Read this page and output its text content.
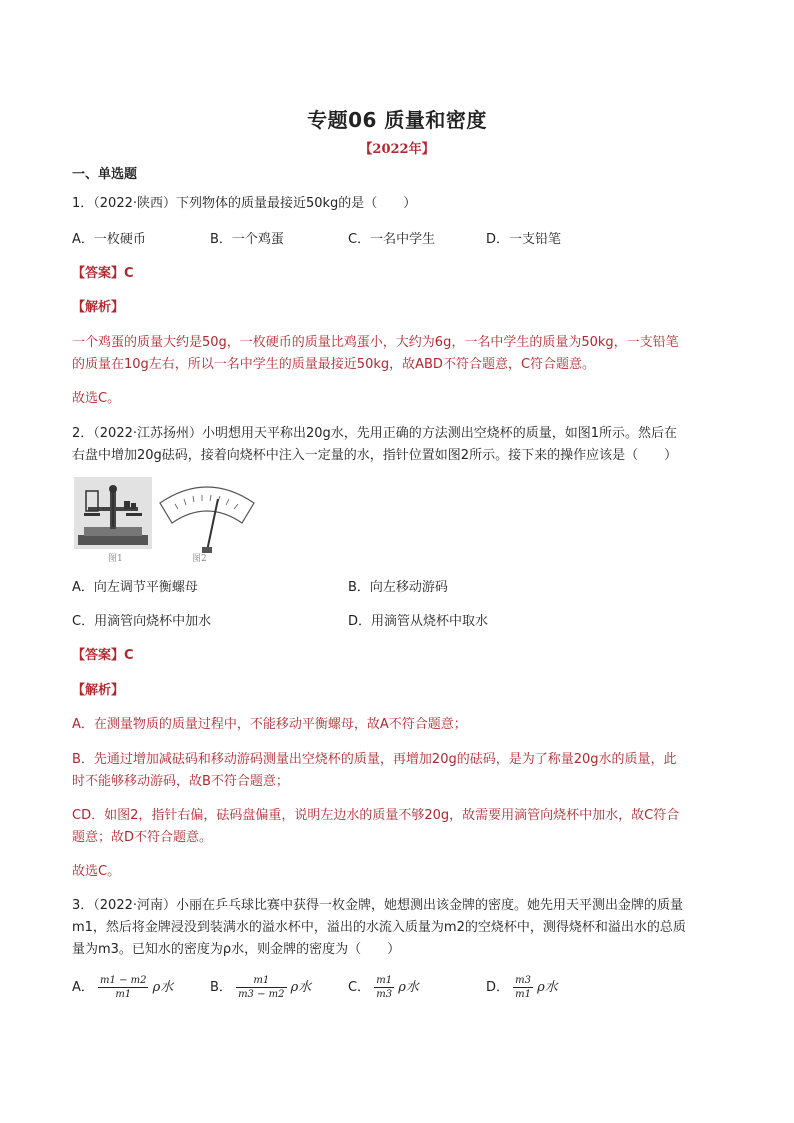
专题06 质量和密度
【2022年】
一、单选题
1．（2022·陕西）下列物体的质量最接近50kg的是（　　）
A．一枚硬币	B．一个鸡蛋	C．一名中学生	D．一支铅笔
【答案】C
【解析】
一个鸡蛋的质量大约是50g，一枚硬币的质量比鸡蛋小，大约为6g，一名中学生的质量为50kg，一支铅笔
的质量在10g左右，所以一名中学生的质量最接近50kg，故ABD不符合题意，C符合题意。
故选C。
2．（2022·江苏扬州）小明想用天平称出20g水，先用正确的方法测出空烧杯的质量，如图1所示。然后在
右盘中增加20g砝码，接着向烧杯中注入一定量的水，指针位置如图2所示。接下来的操作应该是（　　）
图1	图2
A．向左调节平衡螺母	B．向左移动游码
C．用滴管向烧杯中加水	D．用滴管从烧杯中取水
【答案】C
【解析】
A．在测量物质的质量过程中，不能移动平衡螺母，故A不符合题意；
B．先通过增加减砝码和移动游码测量出空烧杯的质量，再增加20g的砝码，是为了称量20g水的质量，此
时不能够移动游码，故B不符合题意；
CD．如图2，指针右偏，砝码盘偏重，说明左边水的质量不够20g，故需要用滴管向烧杯中加水，故C符合
题意；故D不符合题意。
故选C。
3．（2022·河南）小丽在乒乓球比赛中获得一枚金牌，她想测出该金牌的密度。她先用天平测出金牌的质量
m1，然后将金牌浸没到装满水的溢水杯中，溢出的水流入质量为m2的空烧杯中，测得烧杯和溢出水的总质
量为m3。已知水的密度为ρ水，则金牌的密度为（　　）
A． $\frac{m1 - m2}{m1}$ ρ水	B． $\frac{m1}{m3 - m2}$ ρ水	C． $\frac{m1}{m3}$ ρ水	D． $\frac{m3}{m1}$ ρ水
